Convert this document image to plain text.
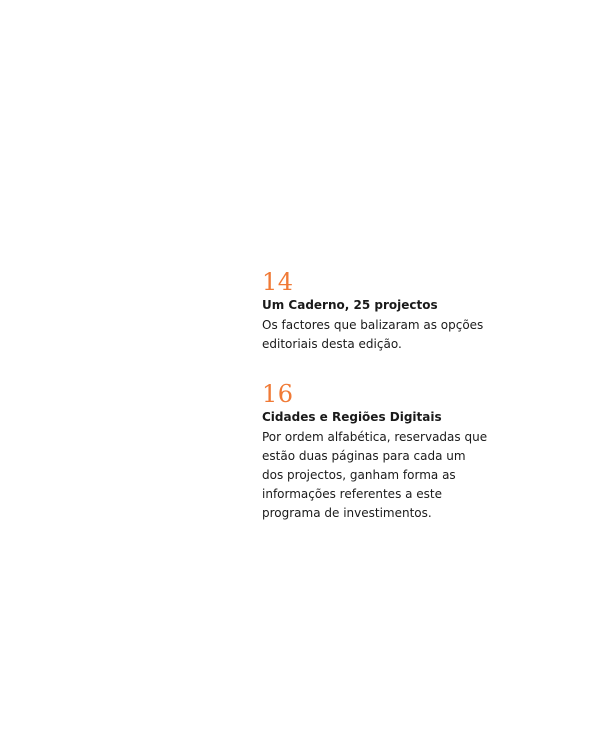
14
Um Caderno, 25 projectos
Os factores que balizaram as opções
editoriais desta edição.
16
Cidades e Regiões Digitais
Por ordem alfabética, reservadas que
estão duas páginas para cada um
dos projectos, ganham forma as
informações referentes a este
programa de investimentos.
